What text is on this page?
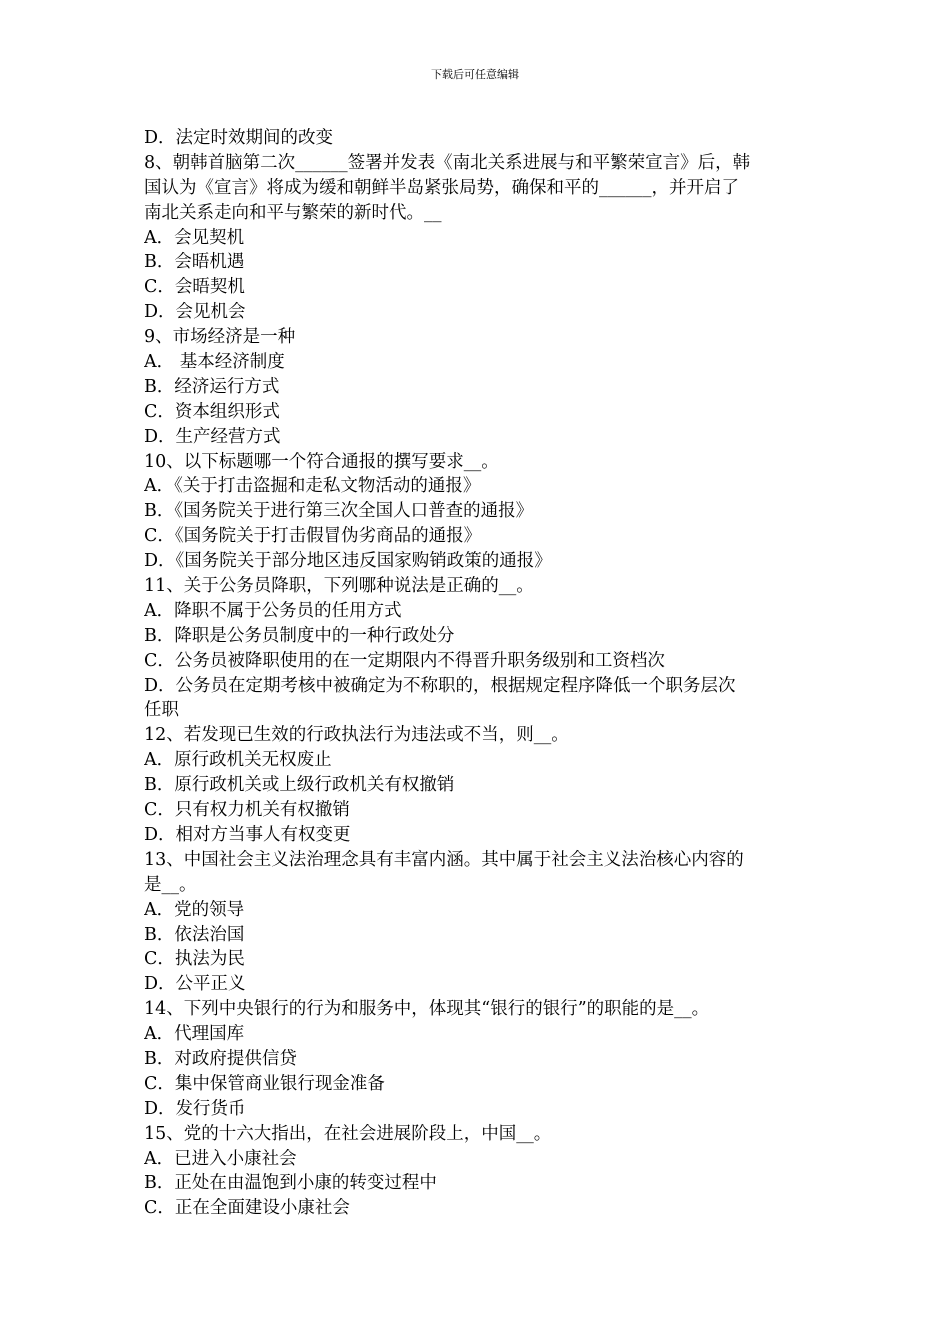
下载后可任意编辑
D．法定时效期间的改变
8、朝韩首脑第二次______签署并发表《南北关系进展与和平繁荣宣言》后，韩
国认为《宣言》将成为缓和朝鲜半岛紧张局势，确保和平的______，并开启了
南北关系走向和平与繁荣的新时代。__
A．会见契机
B．会晤机遇
C．会晤契机
D．会见机会
9、市场经济是一种
A． 基本经济制度
B．经济运行方式
C．资本组织形式
D．生产经营方式
10、以下标题哪一个符合通报的撰写要求__。
A．《关于打击盗掘和走私文物活动的通报》
B．《国务院关于进行第三次全国人口普查的通报》
C．《国务院关于打击假冒伪劣商品的通报》
D．《国务院关于部分地区违反国家购销政策的通报》
11、关于公务员降职，下列哪种说法是正确的__。
A．降职不属于公务员的任用方式
B．降职是公务员制度中的一种行政处分
C．公务员被降职使用的在一定期限内不得晋升职务级别和工资档次
D．公务员在定期考核中被确定为不称职的，根据规定程序降低一个职务层次
任职
12、若发现已生效的行政执法行为违法或不当，则__。
A．原行政机关无权废止
B．原行政机关或上级行政机关有权撤销
C．只有权力机关有权撤销
D．相对方当事人有权变更
13、中国社会主义法治理念具有丰富内涵。其中属于社会主义法治核心内容的
是__。
A．党的领导
B．依法治国
C．执法为民
D．公平正义
14、下列中央银行的行为和服务中，体现其“银行的银行”的职能的是__。
A．代理国库
B．对政府提供信贷
C．集中保管商业银行现金准备
D．发行货币
15、党的十六大指出，在社会进展阶段上，中国__。
A．已进入小康社会
B．正处在由温饱到小康的转变过程中
C．正在全面建设小康社会
